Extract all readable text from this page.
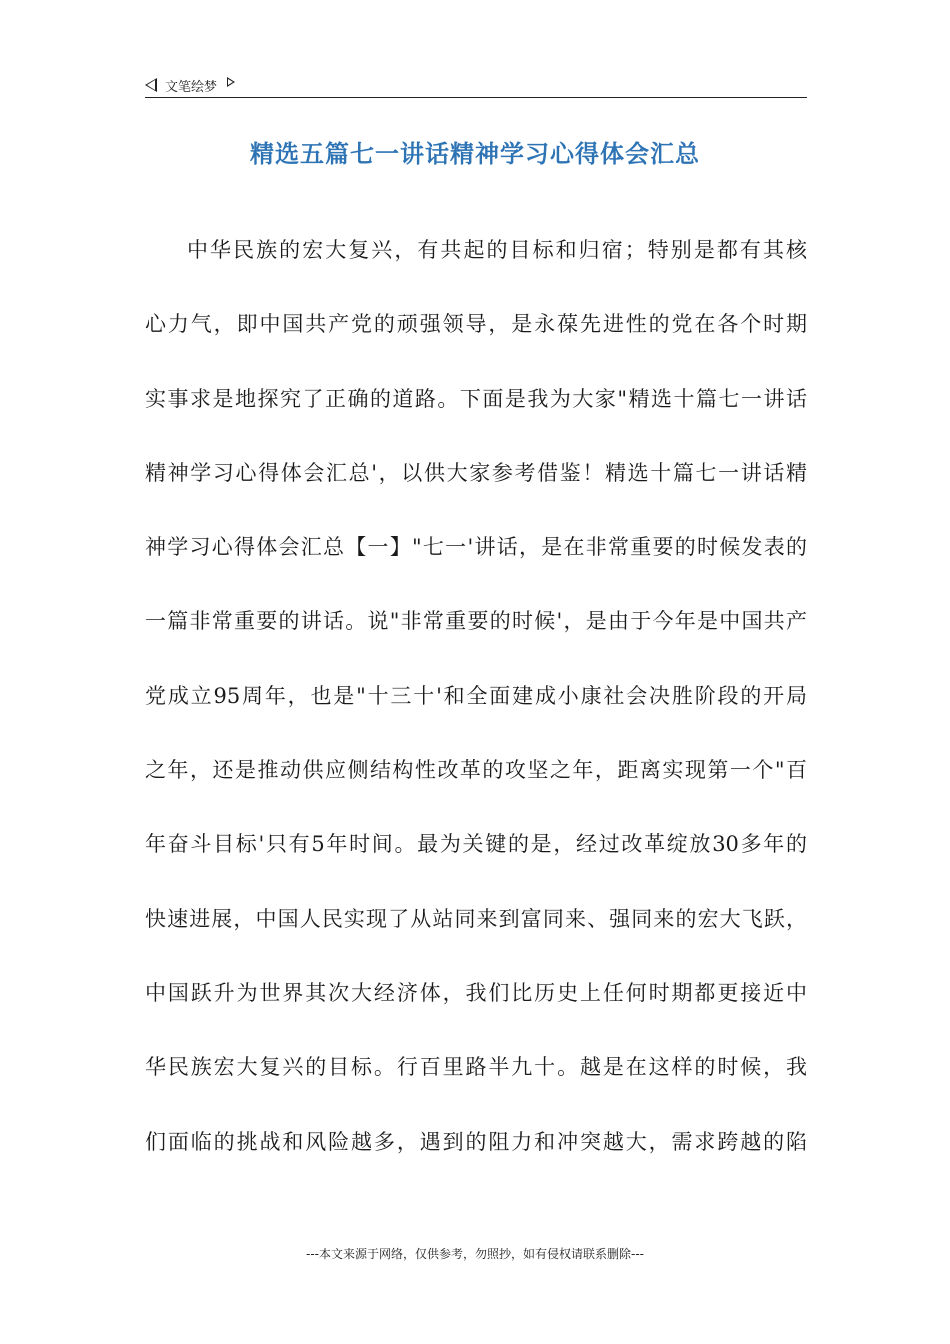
文笔绘梦
精选五篇七一讲话精神学习心得体会汇总
中华民族的宏大复兴，有共起的目标和归宿；特别是都有其核
心力气，即中国共产党的顽强领导，是永葆先进性的党在各个时期
实事求是地探究了正确的道路。下面是我为大家"精选十篇七一讲话
精神学习心得体会汇总'，以供大家参考借鉴！精选十篇七一讲话精
神学习心得体会汇总【一】"七一'讲话，是在非常重要的时候发表的
一篇非常重要的讲话。说"非常重要的时候'，是由于今年是中国共产
党成立95周年，也是"十三十'和全面建成小康社会决胜阶段的开局
之年，还是推动供应侧结构性改革的攻坚之年，距离实现第一个"百
年奋斗目标'只有5年时间。最为关键的是，经过改革绽放30多年的
快速进展，中国人民实现了从站同来到富同来、强同来的宏大飞跃，
中国跃升为世界其次大经济体，我们比历史上任何时期都更接近中
华民族宏大复兴的目标。行百里路半九十。越是在这样的时候，我
们面临的挑战和风险越多，遇到的阻力和冲突越大，需求跨越的陷
---本文来源于网络，仅供参考，勿照抄，如有侵权请联系删除---
